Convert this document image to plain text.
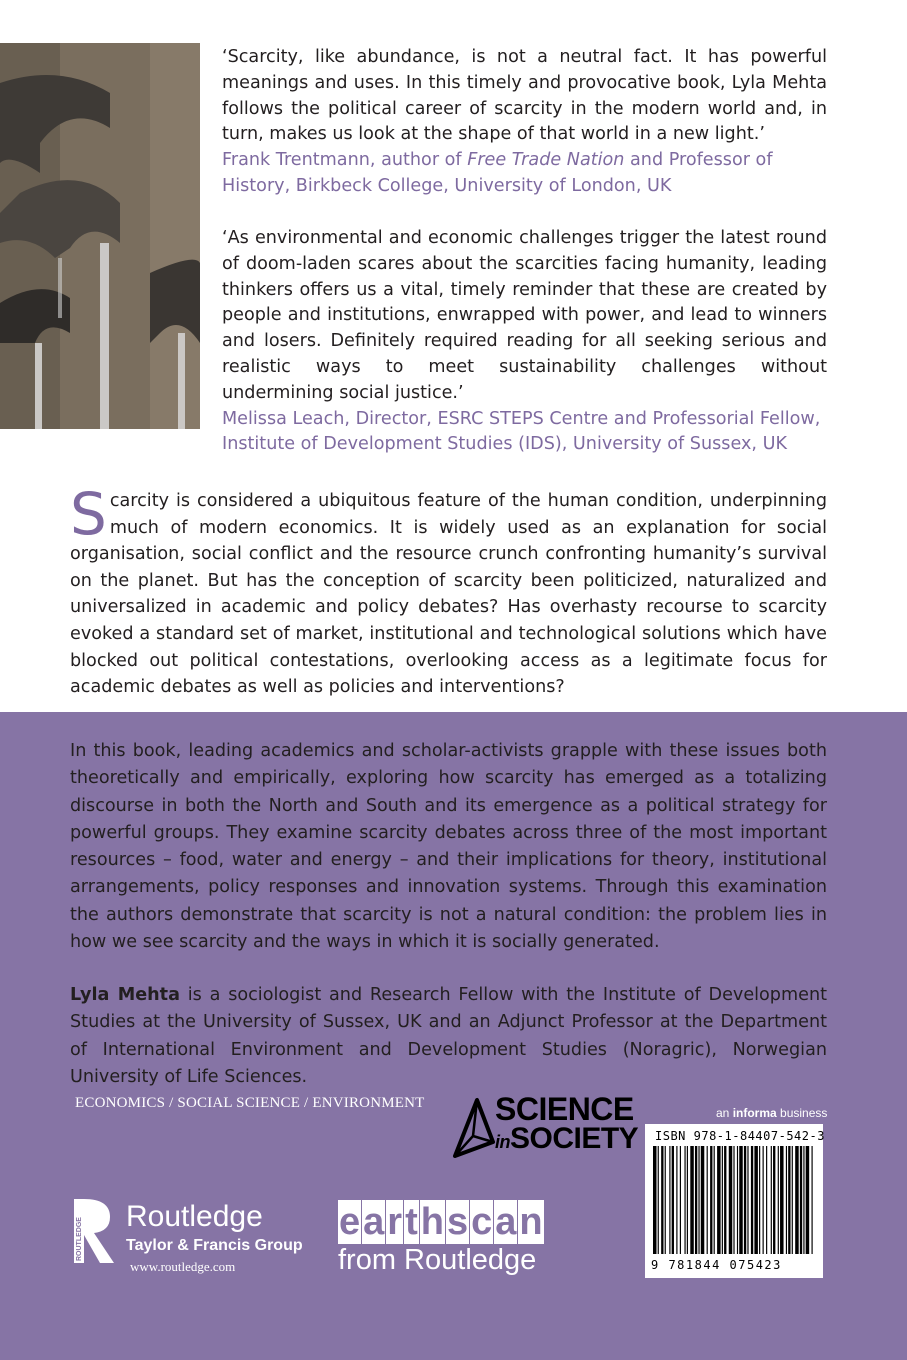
‘Scarcity, like abundance, is not a neutral fact. It has powerful meanings and uses. In this timely and provocative book, Lyla Mehta follows the political career of scarcity in the modern world and, in turn, makes us look at the shape of that world in a new light.’
Frank Trentmann, author of Free Trade Nation and Professor of History, Birkbeck College, University of London, UK
‘As environmental and economic challenges trigger the latest round of doom-laden scares about the scarcities facing humanity, leading thinkers offers us a vital, timely reminder that these are created by people and institutions, enwrapped with power, and lead to winners and losers. Definitely required reading for all seeking serious and realistic ways to meet sustainability challenges without undermining social justice.’
Melissa Leach, Director, ESRC STEPS Centre and Professorial Fellow, Institute of Development Studies (IDS), University of Sussex, UK
Scarcity is considered a ubiquitous feature of the human condition, underpinning much of modern economics. It is widely used as an explanation for social organisation, social conflict and the resource crunch confronting humanity’s survival on the planet. But has the conception of scarcity been politicized, naturalized and universalized in academic and policy debates? Has overhasty recourse to scarcity evoked a standard set of market, institutional and technological solutions which have blocked out political contestations, overlooking access as a legitimate focus for academic debates as well as policies and interventions?
In this book, leading academics and scholar-activists grapple with these issues both theoretically and empirically, exploring how scarcity has emerged as a totalizing discourse in both the North and South and its emergence as a political strategy for powerful groups. They examine scarcity debates across three of the most important resources – food, water and energy – and their implications for theory, institutional arrangements, policy responses and innovation systems. Through this examination the authors demonstrate that scarcity is not a natural condition: the problem lies in how we see scarcity and the ways in which it is socially generated.
Lyla Mehta is a sociologist and Research Fellow with the Institute of Development Studies at the University of Sussex, UK and an Adjunct Professor at the Department of International Environment and Development Studies (Noragric), Norwegian University of Life Sciences.
ECONOMICS / SOCIAL SCIENCE / ENVIRONMENT SCIENCE
inSOCIETY
an informa business
ISBN 978-1-84407-542-3
9 781844 075423
ROUTLEDGE
Routledge
Taylor & Francis Group
www.routledge.com
e a r t h s c a n
from Routledge
